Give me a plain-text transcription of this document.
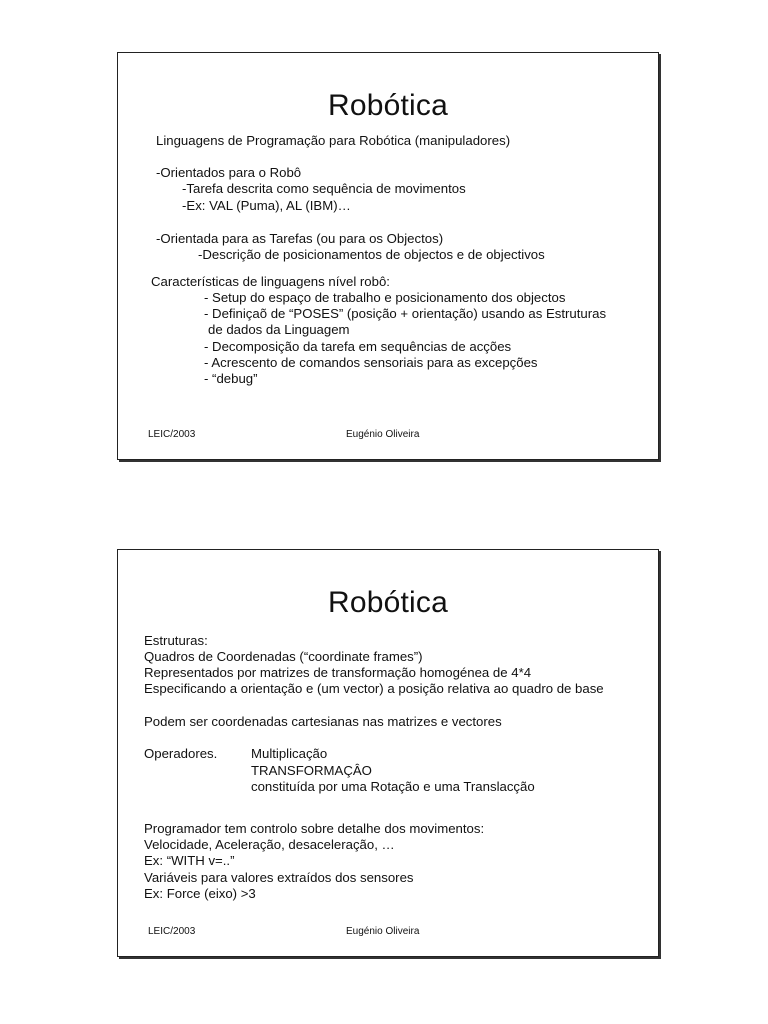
Robótica
Linguagens de Programação para Robótica (manipuladores)
-Orientados para o Robô
-Tarefa descrita como sequência de movimentos
-Ex: VAL (Puma), AL (IBM)…
-Orientada para as Tarefas (ou para os Objectos)
-Descrição de posicionamentos de objectos e de objectivos
Características de linguagens nível robô:
- Setup do espaço de trabalho e posicionamento dos objectos
- Definiçaõ de “POSES” (posição + orientação) usando as Estruturas
de dados da Linguagem
- Decomposição da tarefa em sequências de acções
- Acrescento de comandos sensoriais para as excepções
- “debug”
LEIC/2003	Eugénio Oliveira
Robótica
Estruturas:
Quadros de Coordenadas (“coordinate frames”)
Representados por matrizes de transformação homogénea de 4*4
Especificando a orientação e (um vector) a posição relativa ao quadro de base
Podem ser coordenadas cartesianas nas matrizes e vectores
Operadores.	Multiplicação
TRANSFORMAÇÂO
constituída por uma Rotação e uma Translacção
Programador tem controlo sobre detalhe dos movimentos:
Velocidade, Aceleração, desaceleração, …
Ex: “WITH v=..”
Variáveis para valores extraídos dos sensores
Ex: Force (eixo) >3
LEIC/2003	Eugénio Oliveira
